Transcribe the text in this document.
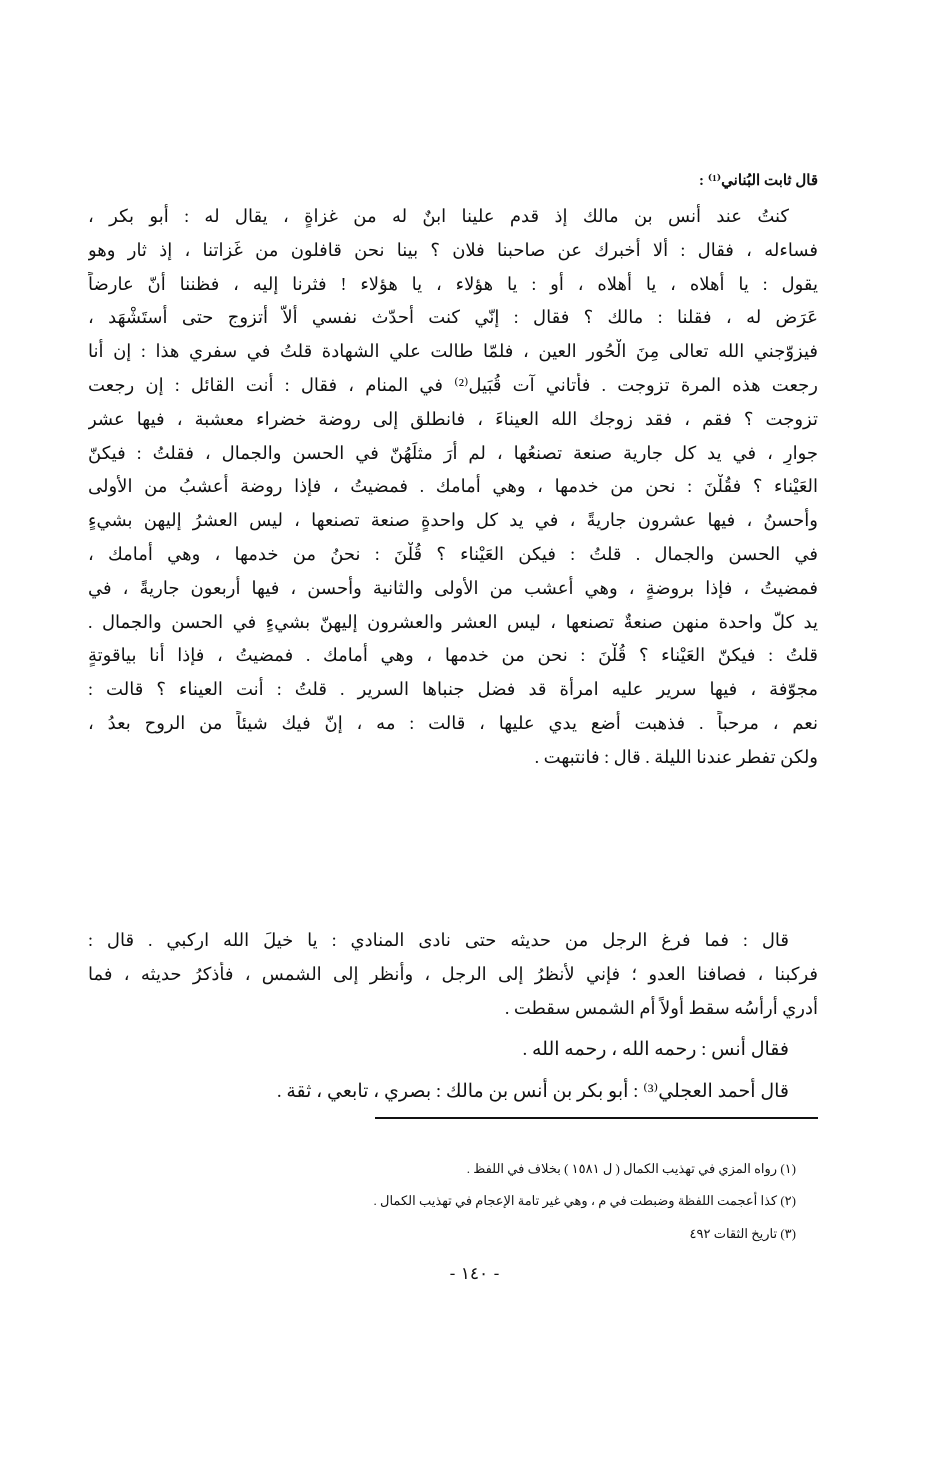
قال ثابت البُناني⁽¹⁾ :
كنتُ عند أنس بن مالك إذ قدم علينا ابنٌ له من غزاةٍ ، يقال له : أبو بكر ،
فساءله ، فقال : ألا أخبرك عن صاحبنا فلان ؟ بينا نحن قافلون من غَزاتنا ، إذ ثار وهو
يقول : يا أهلاه ، يا أهلاه ، أو : يا هؤلاء ، يا هؤلاء ! فثرنا إليه ، فظننا أنّ عارضاً
عَرَض له ، فقلنا : مالك ؟ فقال : إنّي كنت أحدّث نفسي ألاّ أتزوج حتى أُستَشْهَد ،
فيزوّجني الله تعالى مِنَ الْحُور العين ، فلمّا طالت علي الشهادة قلتُ في سفري هذا : إن أنا
رجعت هذه المرة تزوجت . فأتاني آت قُبَيل⁽²⁾ في المنام ، فقال : أنت القائل : إن رجعت
تزوجت ؟ فقم ، فقد زوجك الله العيناءَ ، فانطلق إلى روضة خضراء معشبة ، فيها عشر
جوارٍ ، في يد كل جارية صنعة تصنعُها ، لم أرَ مثلَهُنّ في الحسن والجمال ، فقلتُ : فيكنّ
العَيْناء ؟ فقُلْنَ : نحن من خدمها ، وهي أمامك . فمضيتُ ، فإذا روضة أعشبُ من الأولى
وأحسنُ ، فيها عشرون جاريةً ، في يد كل واحدةٍ صنعة تصنعها ، ليس العشرُ إليهن بشيءٍ
في الحسن والجمال . قلتُ : فيكن العَيْناء ؟ قُلْنَ : نحنُ من خدمها ، وهي أمامك ،
فمضيتُ ، فإذا بروضةٍ ، وهي أعشب من الأولى والثانية وأحسن ، فيها أربعون جاريةً ، في
يد كلّ واحدة منهن صنعةٌ تصنعها ، ليس العشر والعشرون إليهنّ بشيءٍ في الحسن والجمال .
قلتُ : فيكنّ العَيْناء ؟ قُلْنَ : نحن من خدمها ، وهي أمامك . فمضيتُ ، فإذا أنا بياقوتةٍ
مجوّفة ، فيها سرير عليه امرأة قد فضل جنباها السرير . قلتُ : أنت العيناء ؟ قالت :
نعم ، مرحباً . فذهبت أضع يدي عليها ، قالت : مه ، إنّ فيك شيئاً من الروح بعدُ ،
ولكن تفطر عندنا الليلة . قال : فانتبهت .
قال : فما فرغ الرجل من حديثه حتى نادى المنادي : يا خيلَ الله اركبي . قال :
فركبنا ، فصافنا العدو ؛ فإني لأنظرُ إلى الرجل ، وأنظر إلى الشمس ، فأذكرُ حديثه ، فما
أدري أرأسُه سقط أولاً أم الشمس سقطت .
فقال أنس : رحمه الله ، رحمه الله .
قال أحمد العجلي⁽³⁾ : أبو بكر بن أنس بن مالك : بصري ، تابعي ، ثقة .
(١) رواه المزي في تهذيب الكمال ( ل ١٥٨١ ) بخلاف في اللفظ .
(٢) كذا أعجمت اللفظة وضبطت في م ، وهي غير تامة الإعجام في تهذيب الكمال .
(٣) تاريخ الثقات ٤٩٢
- ١٤٠ -
